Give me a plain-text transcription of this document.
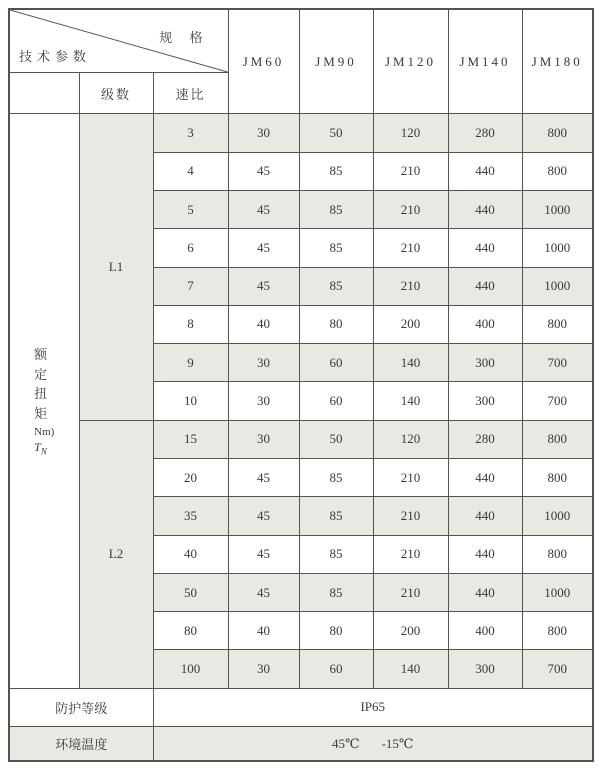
规 格
技术参数			JM60	JM90	JM120	JM140	JM180
	级数	速比					

额定扭矩
Nm)
$T_N$	L1	3	30	50	120	280	800
		4	45	85	210	440	800
		5	45	85	210	440	1000
		6	45	85	210	440	1000
		7	45	85	210	440	1000
		8	40	80	200	400	800
		9	30	60	140	300	700
		10	30	60	140	300	700
	L2	15	30	50	120	280	800
		20	45	85	210	440	800
		35	45	85	210	440	1000
		40	45	85	210	440	800
		50	45	85	210	440	1000
		80	40	80	200	400	800
		100	30	60	140	300	700
防护等级		IP65					
环境温度		45℃ -15℃					
